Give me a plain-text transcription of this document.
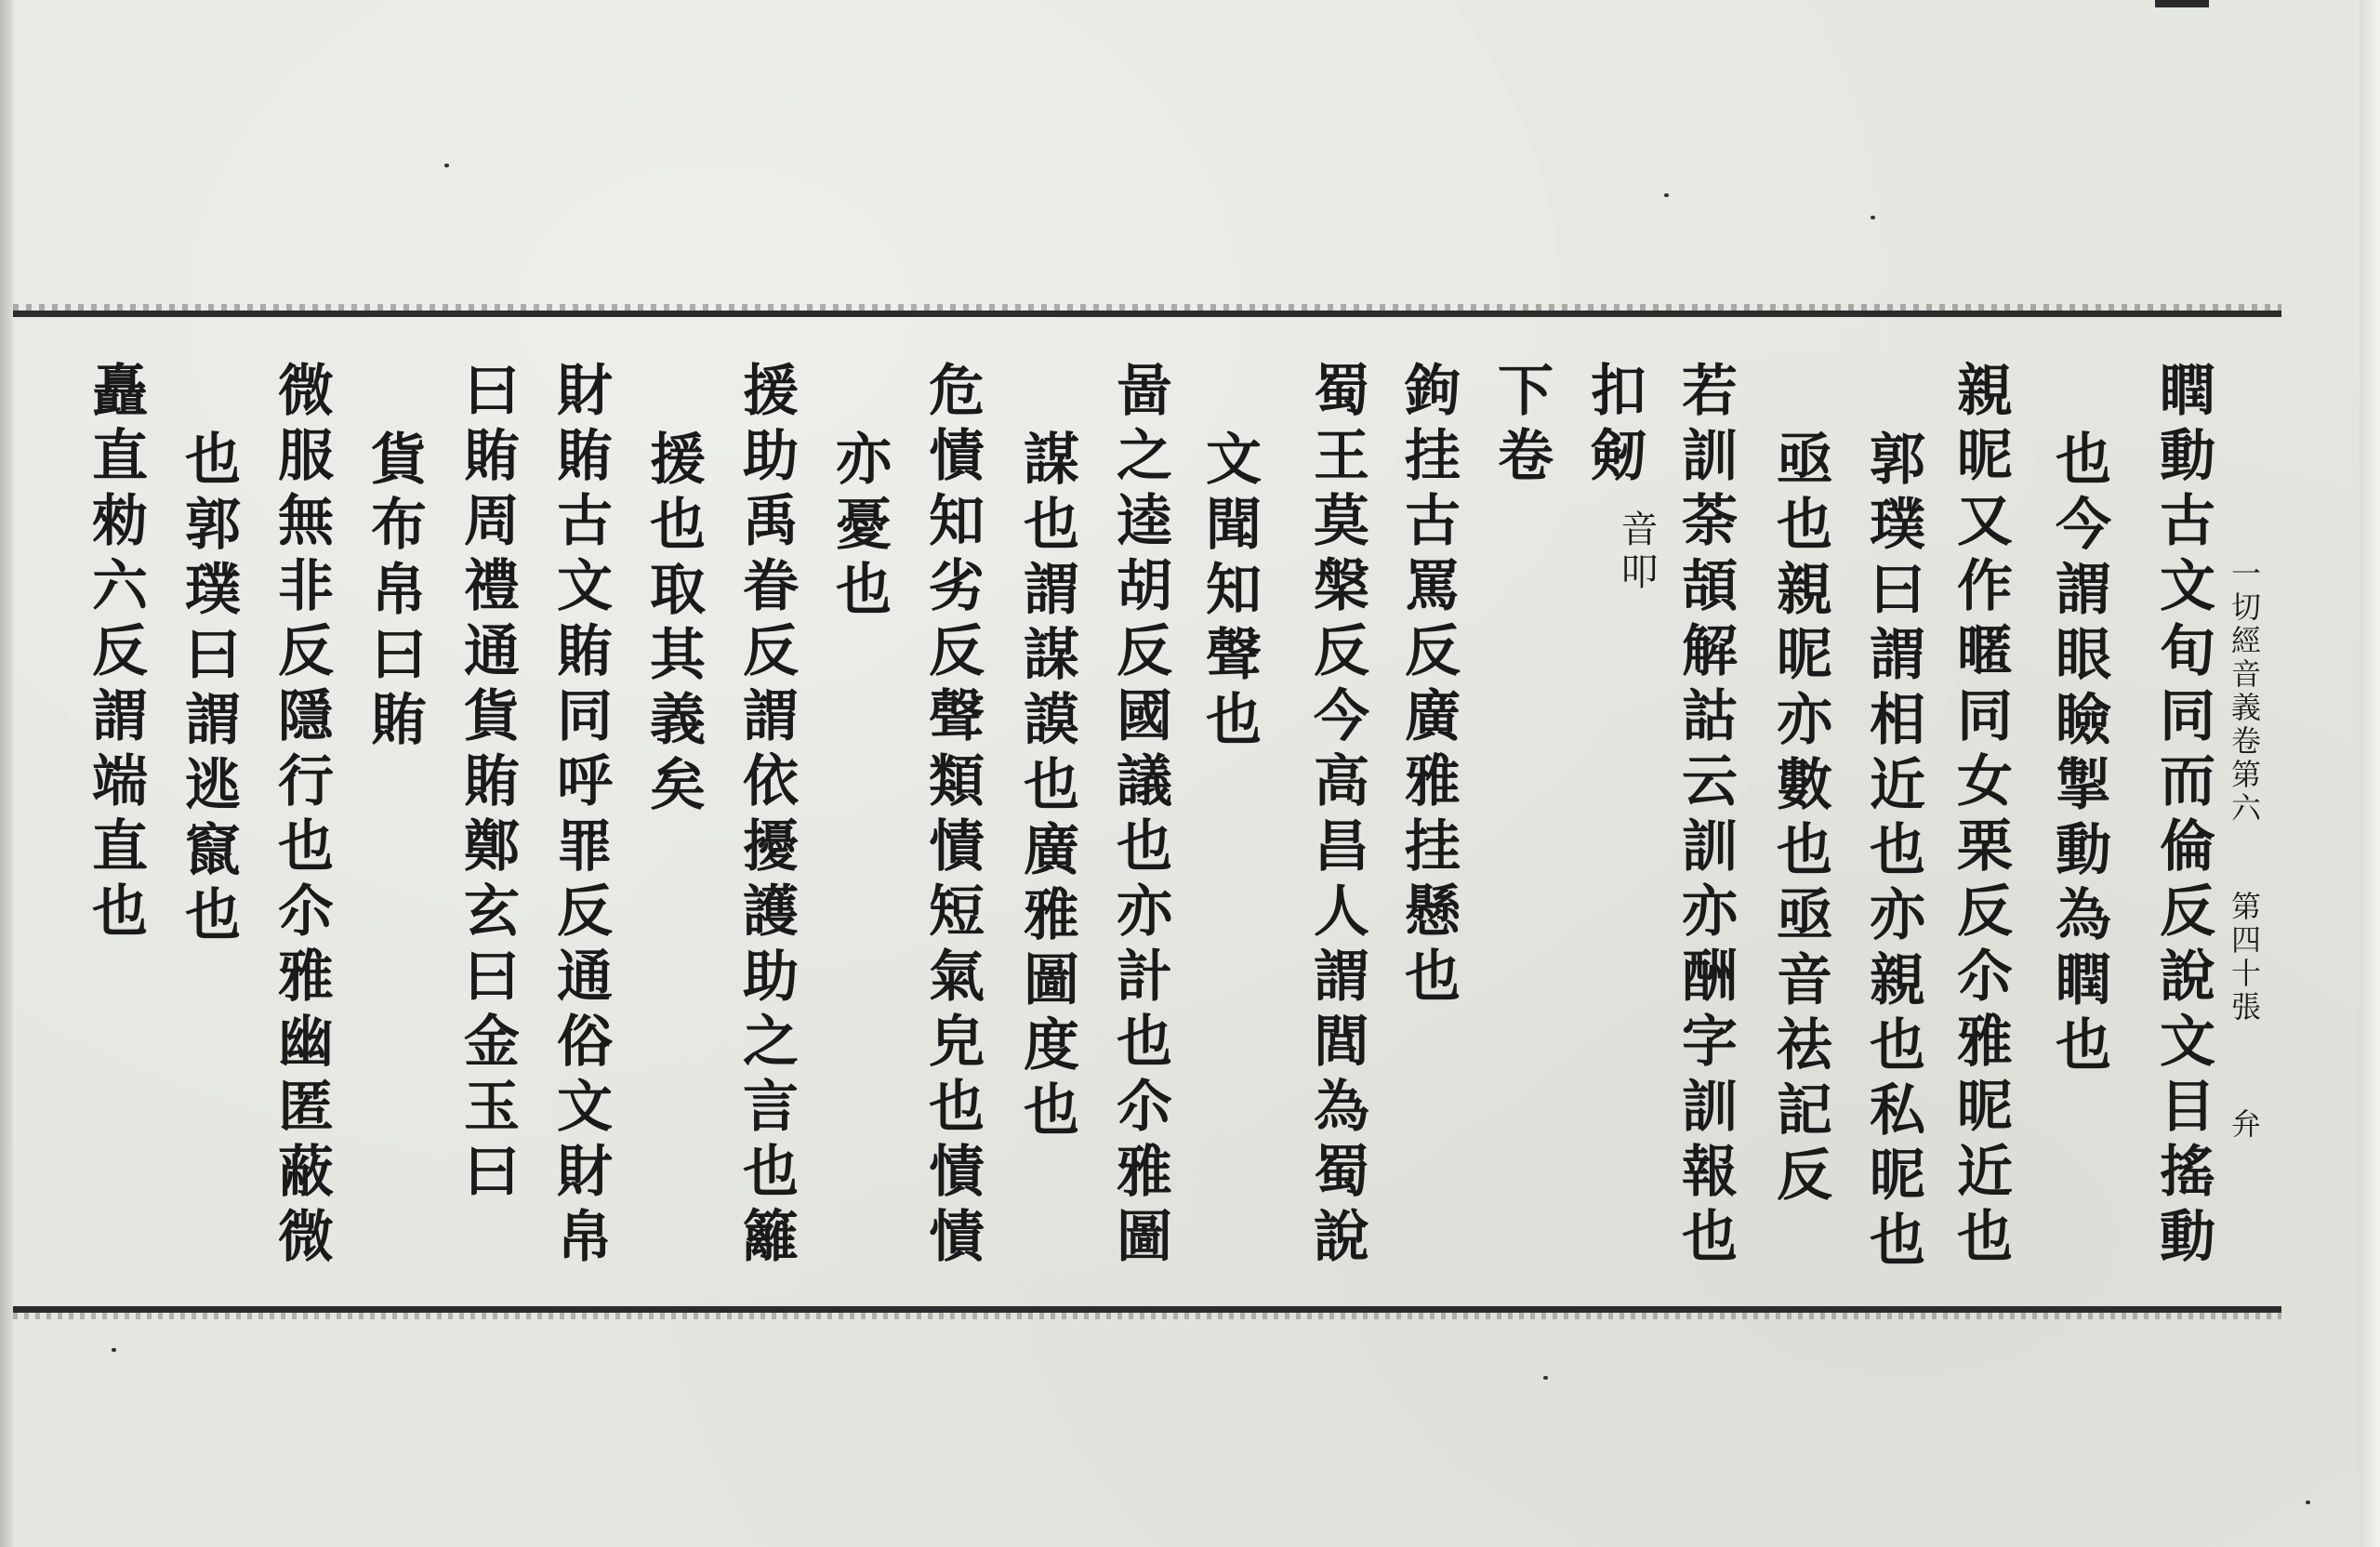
一切經音義卷第六
第四十張
弁
瞤動古文旬同而倫反說文目搖動
也今謂眼瞼掣動為瞤也
親昵又作暱同女栗反尒雅昵近也
郭璞曰謂相近也亦親也私昵也
亟也親昵亦數也亟音祛記反
若訓荼頡解詁云訓亦酬字訓報也
扣剱
音叩
下卷
鉤挂古罵反廣雅挂懸也
蜀王莫槃反今高昌人謂閭為蜀說
文聞知聲也
啚之逵胡反國議也亦計也尒雅圖
謀也謂謀謨也廣雅圖度也
危㥽知劣反聲類㥽短氣皃也㥽㥽
亦憂也
援助禹眷反謂依擾護助之言也籬
援也取其義矣
財賄古文賄同呼罪反通俗文財帛
曰賄周禮通貨賄鄭玄曰金玉曰
貨布帛曰賄
微服無非反隱行也尒雅幽匿蔽微
也郭璞曰謂逃竄也
矗直勑六反謂端直也
